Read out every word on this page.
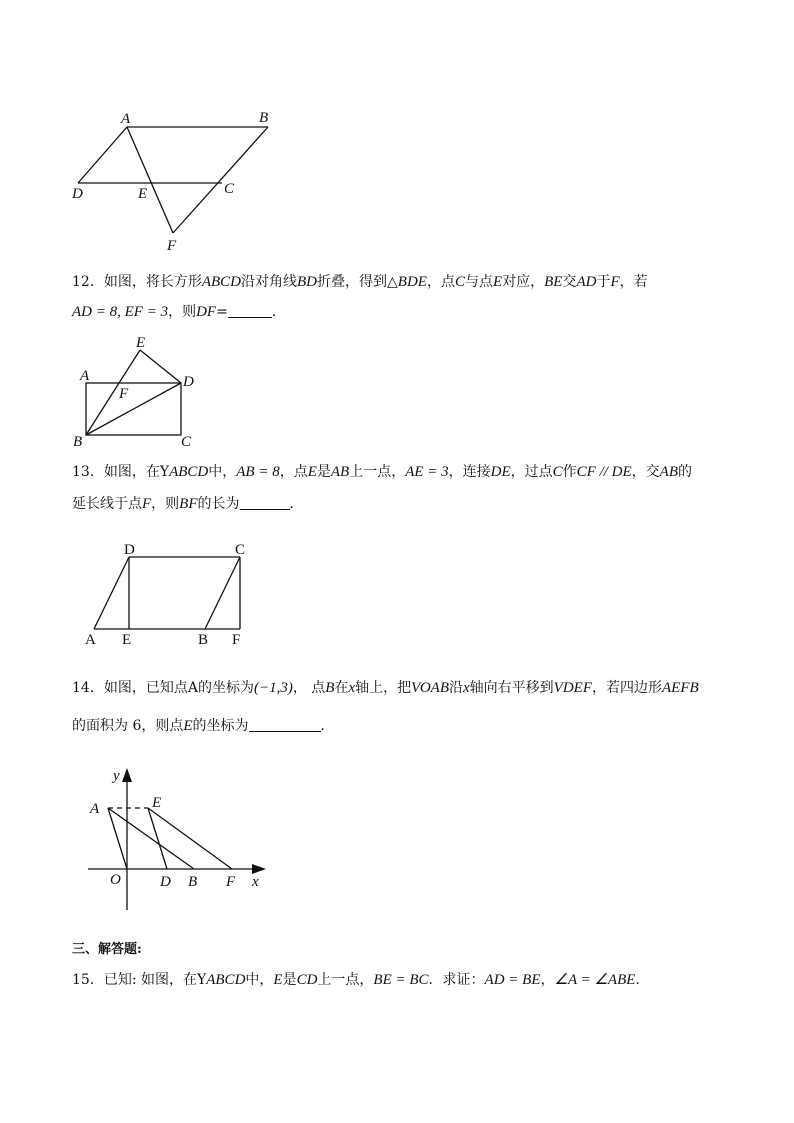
A	B
D	E	C
F
12．如图，将长方形ABCD沿对角线BD折叠，得到△BDE，点C与点E对应，BE交AD于F，若
AD = 8, EF = 3，则DF=	．
E
A	D
F
B	C
13．如图，在YABCD中，AB = 8，点E是AB上一点，AE = 3，连接DE，过点C作CF // DE，交AB的
延长线于点F，则BF的长为	．
D	C
A E	B F
14．如图，已知点A的坐标为(−1,3)， 点B在x轴上，把VOAB沿x轴向右平移到VDEF，若四边形AEFB
的面积为 6，则点E的坐标为	．
y
A	E
O	D B F x
三、解答题:
15．已知: 如图，在YABCD中，E是CD上一点，BE = BC．求证：AD = BE，∠A = ∠ABE．
